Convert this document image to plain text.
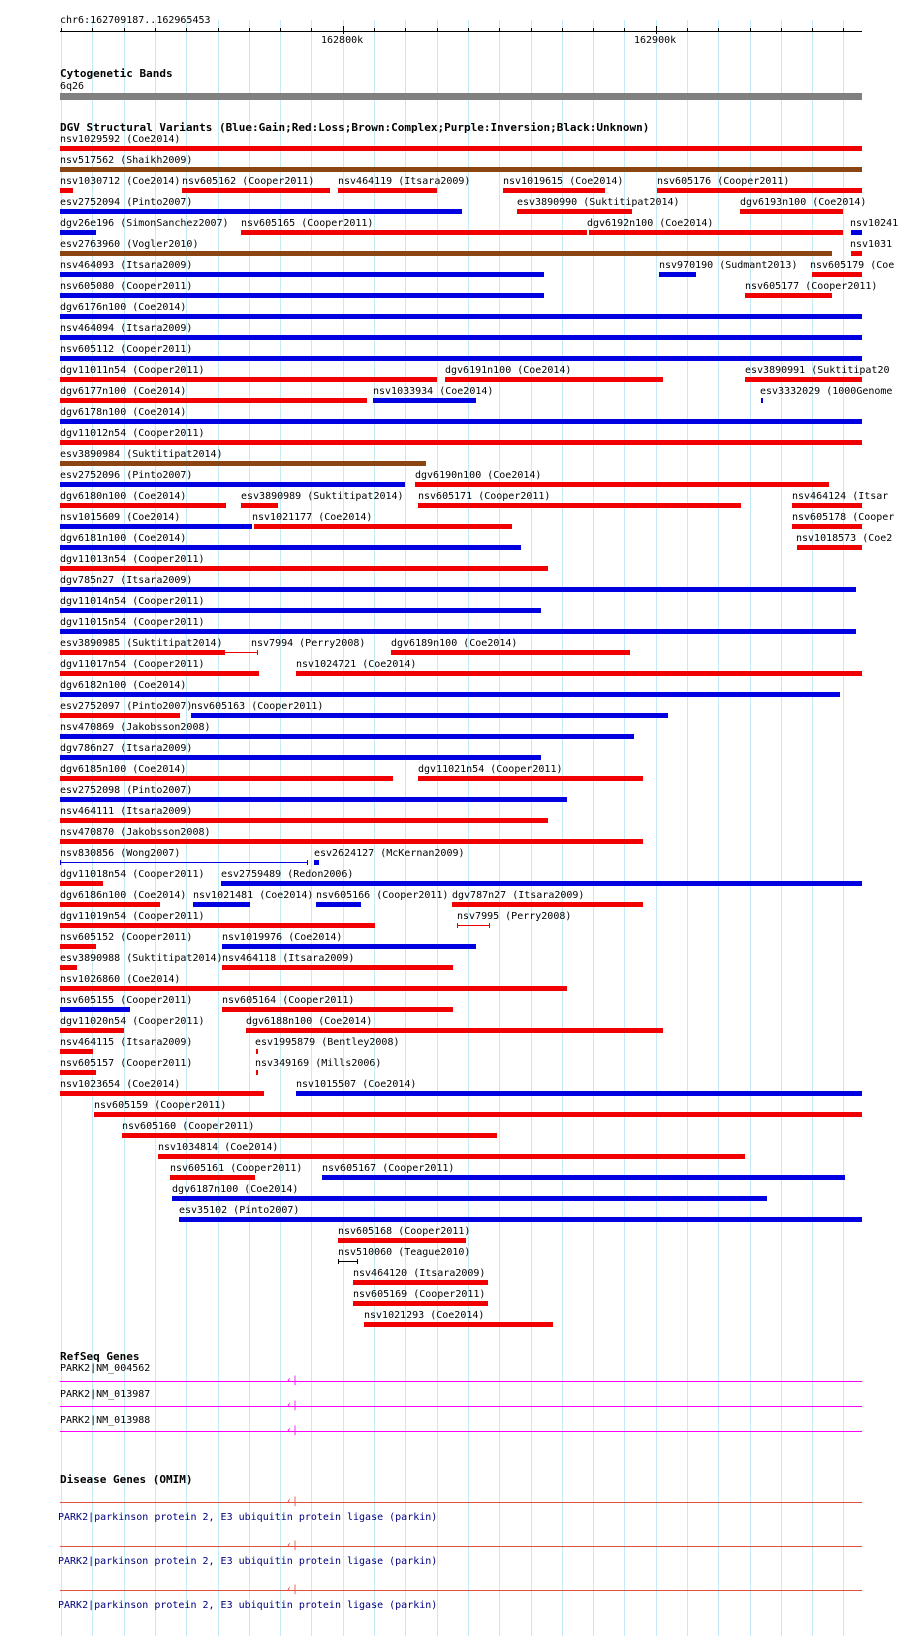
chr6:162709187..162965453
162800k	162900k
Cytogenetic Bands
6q26
DGV Structural Variants (Blue:Gain;Red:Loss;Brown:Complex;Purple:Inversion;Black:Unknown)
nsv1029592 (Coe2014)
nsv517562 (Shaikh2009)
nsv1030712 (Coe2014) nsv605162 (Cooper2011) nsv464119 (Itsara2009)	nsv1019615 (Coe2014)	nsv605176 (Cooper2011)
esv2752094 (Pinto2007)	esv3890990 (Suktitipat2014)	dgv6193n100 (Coe2014)
dgv26e196 (SimonSanchez2007) nsv605165 (Cooper2011)	dgv6192n100 (Coe2014)	nsv10241
esv2763960 (Vogler2010)	nsv1031
nsv464093 (Itsara2009)	nsv970190 (Sudmant2013) nsv605179 (Coe
nsv605080 (Cooper2011)	nsv605177 (Cooper2011)
dgv6176n100 (Coe2014)
nsv464094 (Itsara2009)
nsv605112 (Cooper2011)
dgv11011n54 (Cooper2011)	dgv6191n100 (Coe2014)	esv3890991 (Suktitipat20
dgv6177n100 (Coe2014)	nsv1033934 (Coe2014)	esv3332029 (1000Genome
dgv6178n100 (Coe2014)
dgv11012n54 (Cooper2011)
esv3890984 (Suktitipat2014)
esv2752096 (Pinto2007)	dgv6190n100 (Coe2014)
dgv6180n100 (Coe2014)	esv3890989 (Suktitipat2014) nsv605171 (Cooper2011)	nsv464124 (Itsar
nsv1015609 (Coe2014)	nsv1021177 (Coe2014)	nsv605178 (Cooper
dgv6181n100 (Coe2014)	nsv1018573 (Coe2
dgv11013n54 (Cooper2011)
dgv785n27 (Itsara2009)
dgv11014n54 (Cooper2011)
dgv11015n54 (Cooper2011)
esv3890985 (Suktitipat2014)	nsv7994 (Perry2008)	dgv6189n100 (Coe2014)
dgv11017n54 (Cooper2011)	nsv1024721 (Coe2014)
dgv6182n100 (Coe2014)
esv2752097 (Pinto2007)
nsv605163 (Cooper2011)
nsv470869 (Jakobsson2008)
dgv786n27 (Itsara2009)
dgv6185n100 (Coe2014)	dgv11021n54 (Cooper2011)
esv2752098 (Pinto2007)
nsv464111 (Itsara2009)
nsv470870 (Jakobsson2008)
nsv830856 (Wong2007)	esv2624127 (McKernan2009)
dgv11018n54 (Cooper2011) esv2759489 (Redon2006)
dgv6186n100 (Coe2014) nsv1021481 (Coe2014) nsv605166 (Cooper2011) dgv787n27 (Itsara2009)
dgv11019n54 (Cooper2011)	nsv7995 (Perry2008)
nsv605152 (Cooper2011)	nsv1019976 (Coe2014)
esv3890988 (Suktitipat2014) nsv464118 (Itsara2009)
nsv1026860 (Coe2014)
nsv605155 (Cooper2011)	nsv605164 (Cooper2011)
dgv11020n54 (Cooper2011)	dgv6188n100 (Coe2014)
nsv464115 (Itsara2009)	esv1995879 (Bentley2008)
nsv605157 (Cooper2011)	nsv349169 (Mills2006)
nsv1023654 (Coe2014)	nsv1015507 (Coe2014)
nsv605159 (Cooper2011)
nsv605160 (Cooper2011)
nsv1034814 (Coe2014)
nsv605161 (Cooper2011) nsv605167 (Cooper2011)
dgv6187n100 (Coe2014)
esv35102 (Pinto2007)
nsv605168 (Cooper2011)
nsv510060 (Teague2010)
nsv464120 (Itsara2009)
nsv605169 (Cooper2011)
nsv1021293 (Coe2014)
RefSeq Genes
PARK2|NM_004562
‹|
PARK2|NM_013987
‹|
PARK2|NM_013988
‹|
Disease Genes (OMIM)
‹|
PARK2|parkinson protein 2, E3 ubiquitin protein ligase (parkin)
‹|
PARK2|parkinson protein 2, E3 ubiquitin protein ligase (parkin)
‹|
PARK2|parkinson protein 2, E3 ubiquitin protein ligase (parkin)
